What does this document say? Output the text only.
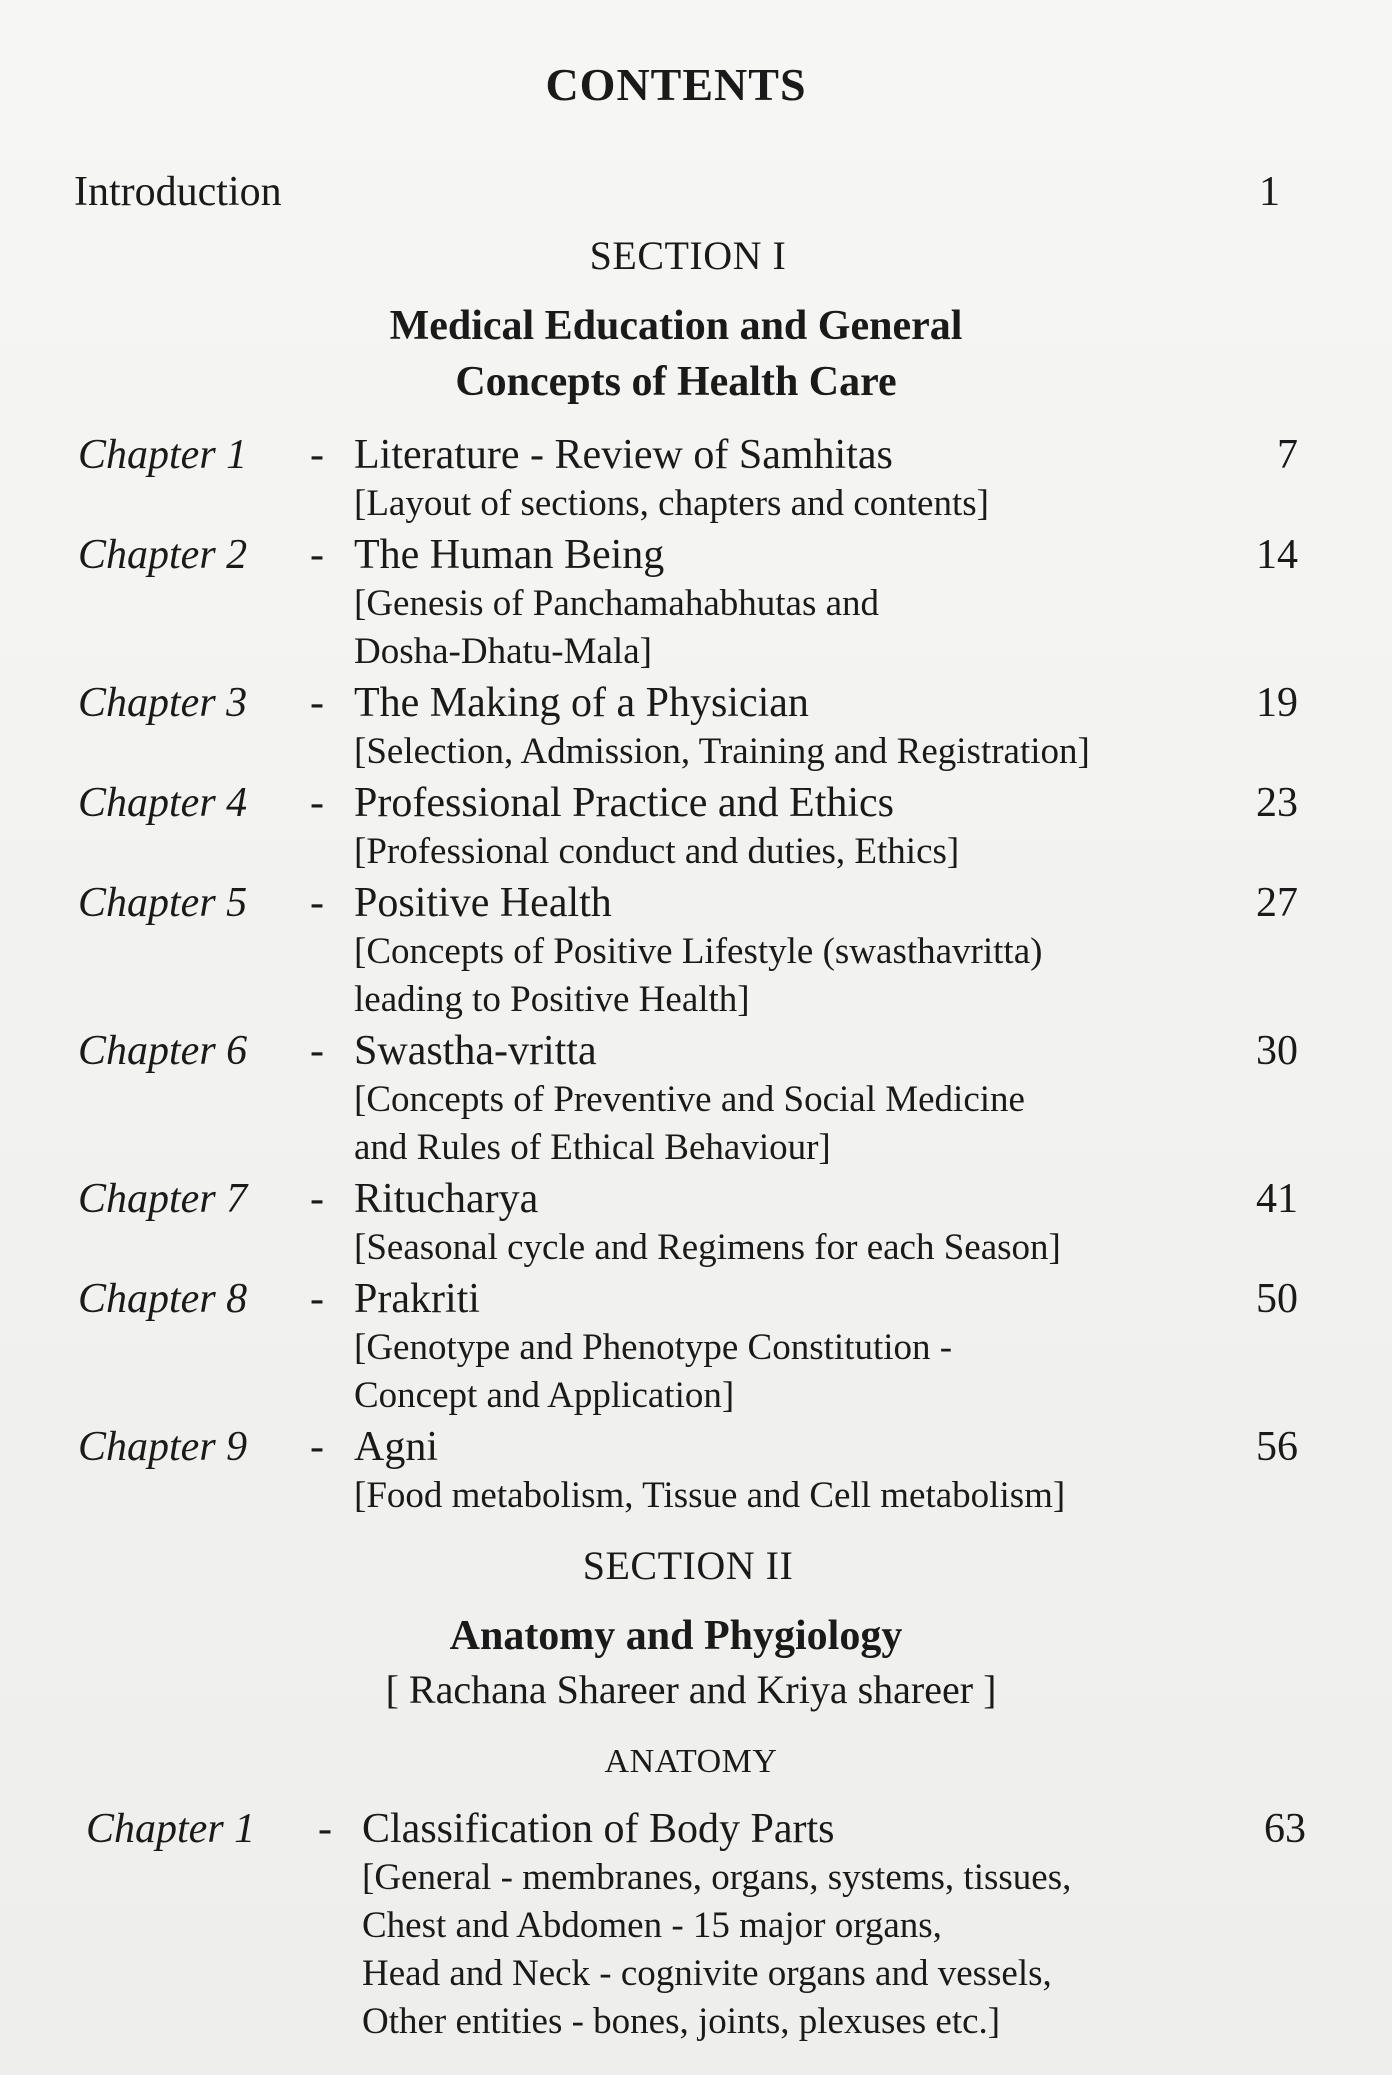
CONTENTS
Introduction	1
SECTION I
Medical Education and General
Concepts of Health Care
Chapter 1	- Literature - Review of Samhitas	7
[Layout of sections, chapters and contents]
Chapter 2	- The Human Being	14
[Genesis of Panchamahabhutas and
Dosha-Dhatu-Mala]
Chapter 3	- The Making of a Physician	19
[Selection, Admission, Training and Registration]
Chapter 4	- Professional Practice and Ethics	23
[Professional conduct and duties, Ethics]
Chapter 5	- Positive Health	27
[Concepts of Positive Lifestyle (swasthavritta)
leading to Positive Health]
Chapter 6	- Swastha-vritta	30
[Concepts of Preventive and Social Medicine
and Rules of Ethical Behaviour]
Chapter 7	- Ritucharya	41
[Seasonal cycle and Regimens for each Season]
Chapter 8	- Prakriti	50
[Genotype and Phenotype Constitution -
Concept and Application]
Chapter 9	- Agni	56
[Food metabolism, Tissue and Cell metabolism]
SECTION II
Anatomy and Phygiology
[ Rachana Shareer and Kriya shareer ]
ANATOMY
Chapter 1	- Classification of Body Parts	63
[General - membranes, organs, systems, tissues,
Chest and Abdomen - 15 major organs,
Head and Neck - cognivite organs and vessels,
Other entities - bones, joints, plexuses etc.]
